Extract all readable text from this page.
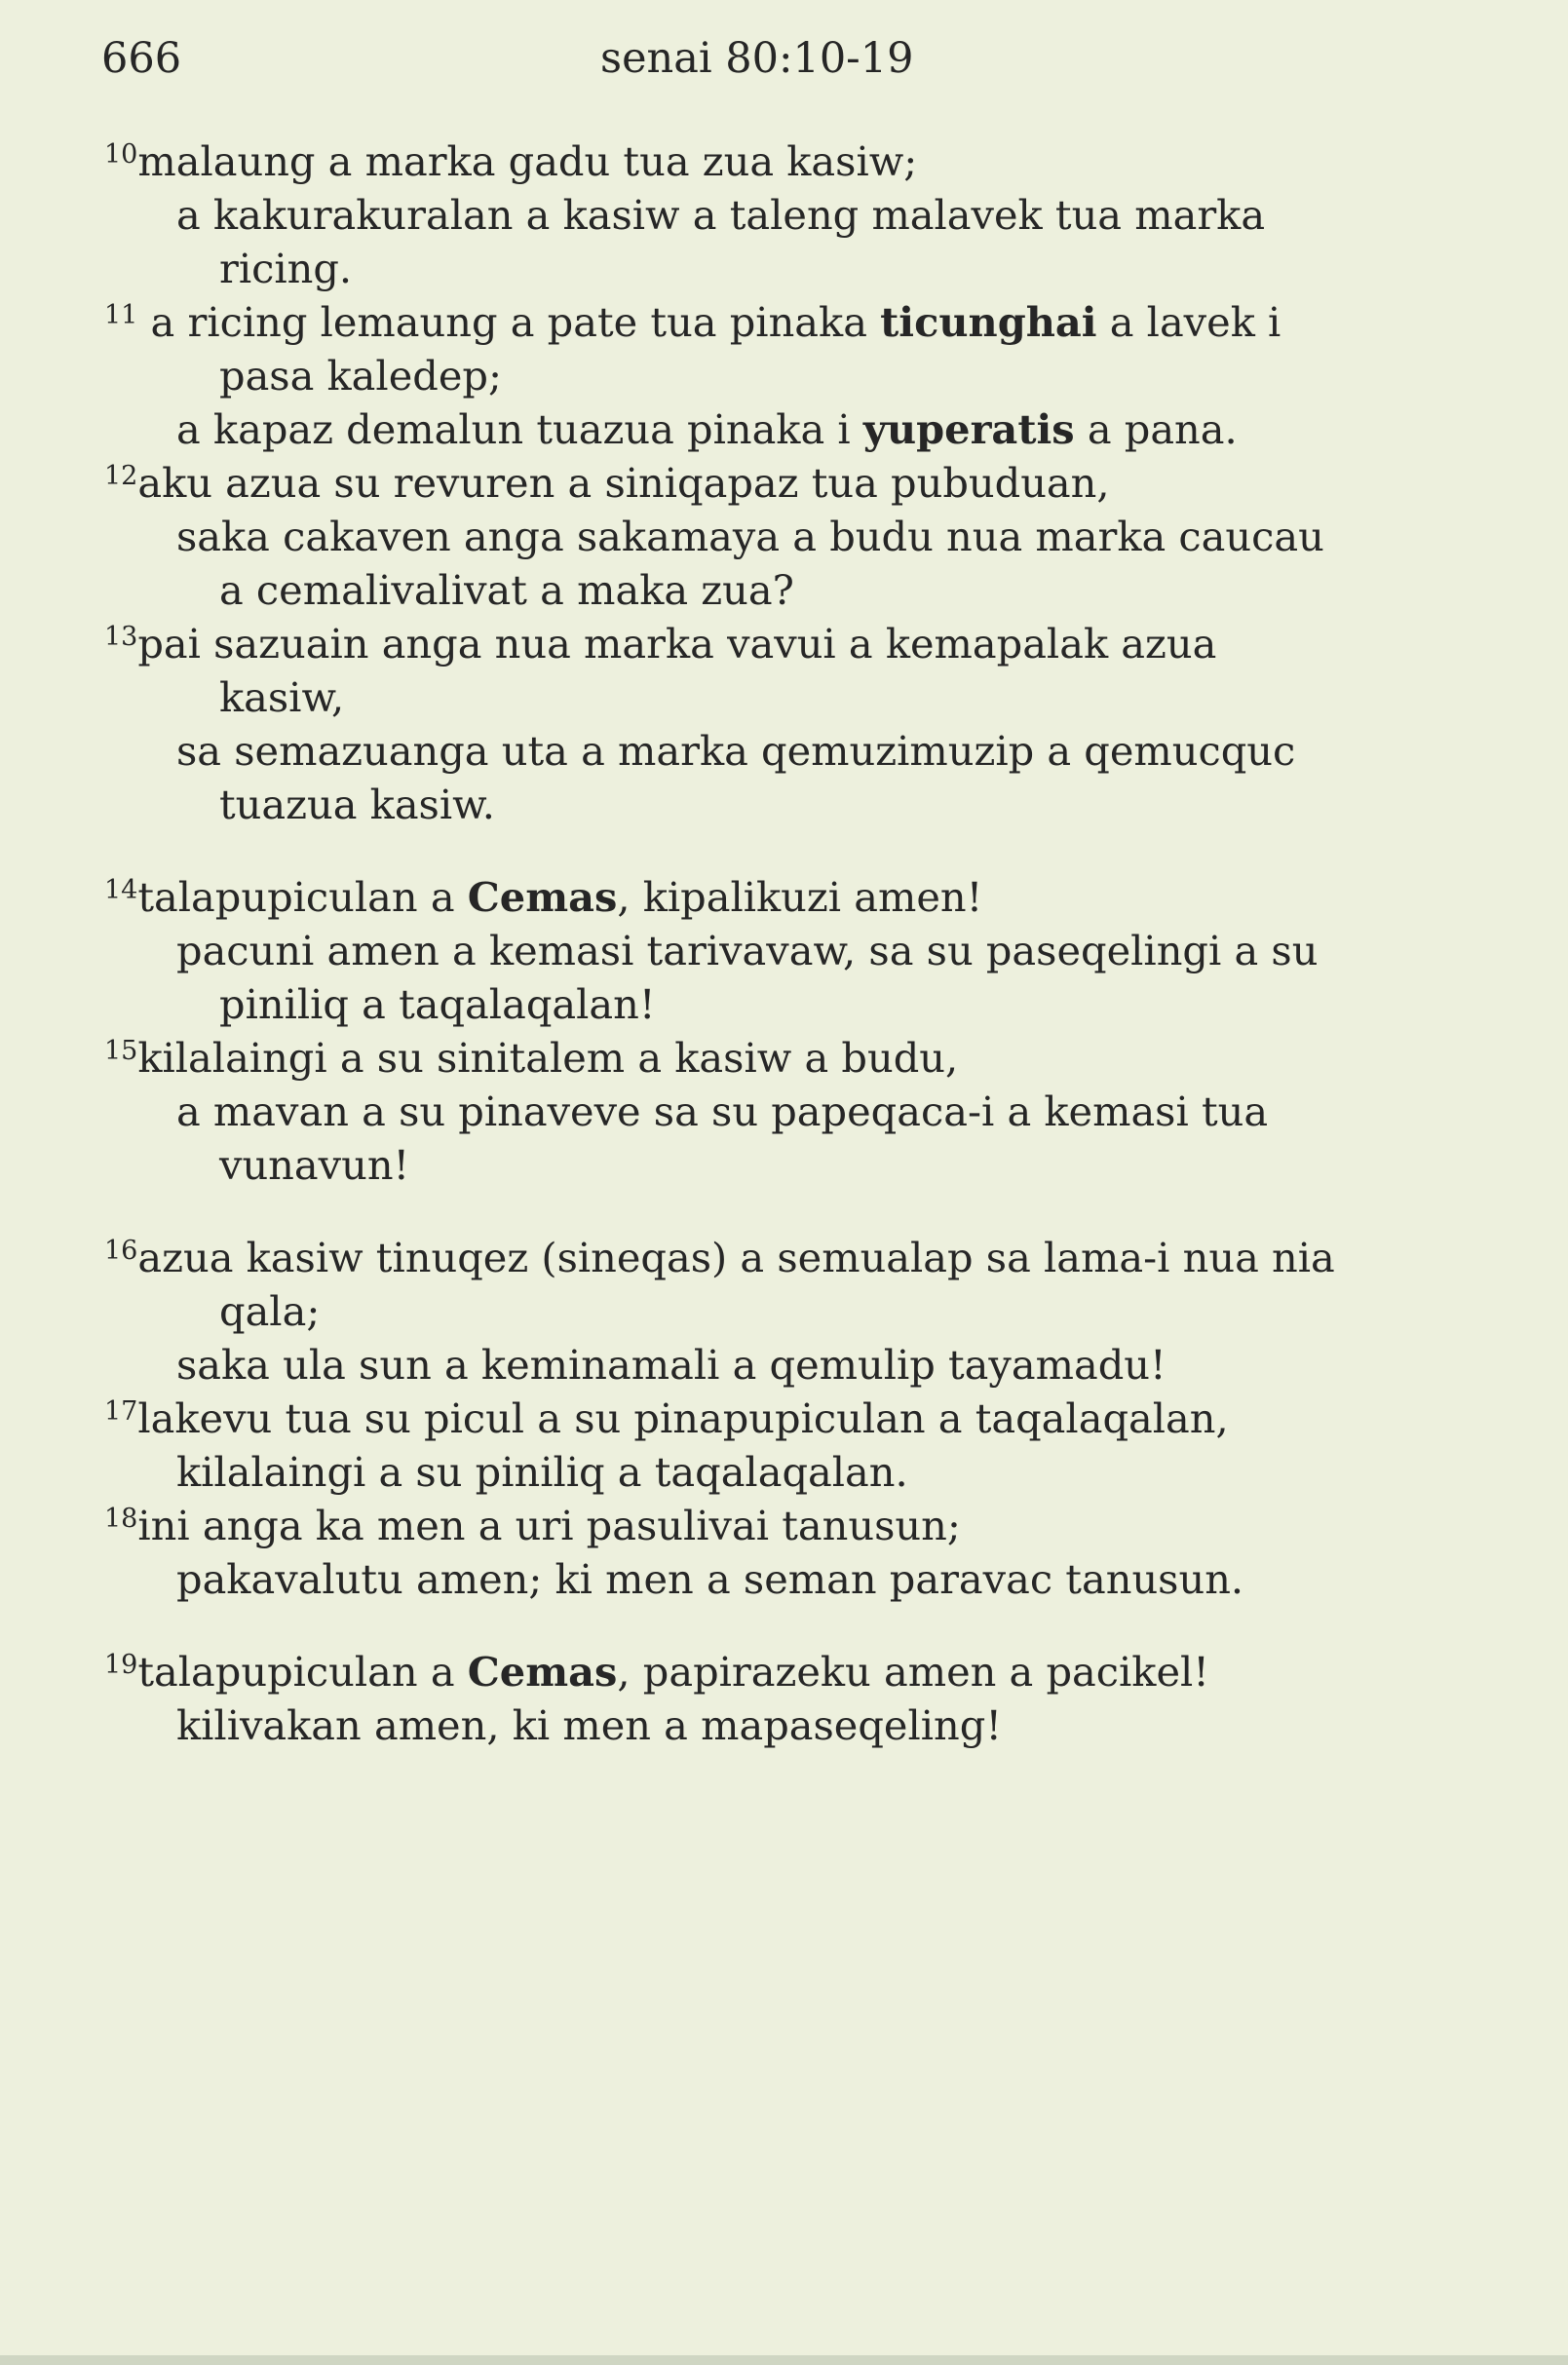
666	senai 80:10-19
$^{10}$malaung a marka gadu tua zua kasiw;
a kakurakuralan a kasiw a taleng malavek tua marka
ricing.
$^{11}$ a ricing lemaung a pate tua pinaka ticunghai a lavek i
pasa kaledep;
a kapaz demalun tuazua pinaka i yuperatis a pana.
$^{12}$aku azua su revuren a siniqapaz tua pubuduan,
saka cakaven anga sakamaya a budu nua marka caucau
a cemalivalivat a maka zua?
$^{13}$pai sazuain anga nua marka vavui a kemapalak azua
kasiw,
sa semazuanga uta a marka qemuzimuzip a qemucquc
tuazua kasiw.
$^{14}$talapupiculan a Cemas, kipalikuzi amen!
pacuni amen a kemasi tarivavaw, sa su paseqelingi a su
piniliq a taqalaqalan!
$^{15}$kilalaingi a su sinitalem a kasiw a budu,
a mavan a su pinaveve sa su papeqaca-i a kemasi tua
vunavun!
$^{16}$azua kasiw tinuqez (sineqas) a semualap sa lama-i nua nia
qala;
saka ula sun a keminamali a qemulip tayamadu!
$^{17}$lakevu tua su picul a su pinapupiculan a taqalaqalan,
kilalaingi a su piniliq a taqalaqalan.
$^{18}$ini anga ka men a uri pasulivai tanusun;
pakavalutu amen; ki men a seman paravac tanusun.
$^{19}$talapupiculan a Cemas, papirazeku amen a pacikel!
kilivakan amen, ki men a mapaseqeling!
